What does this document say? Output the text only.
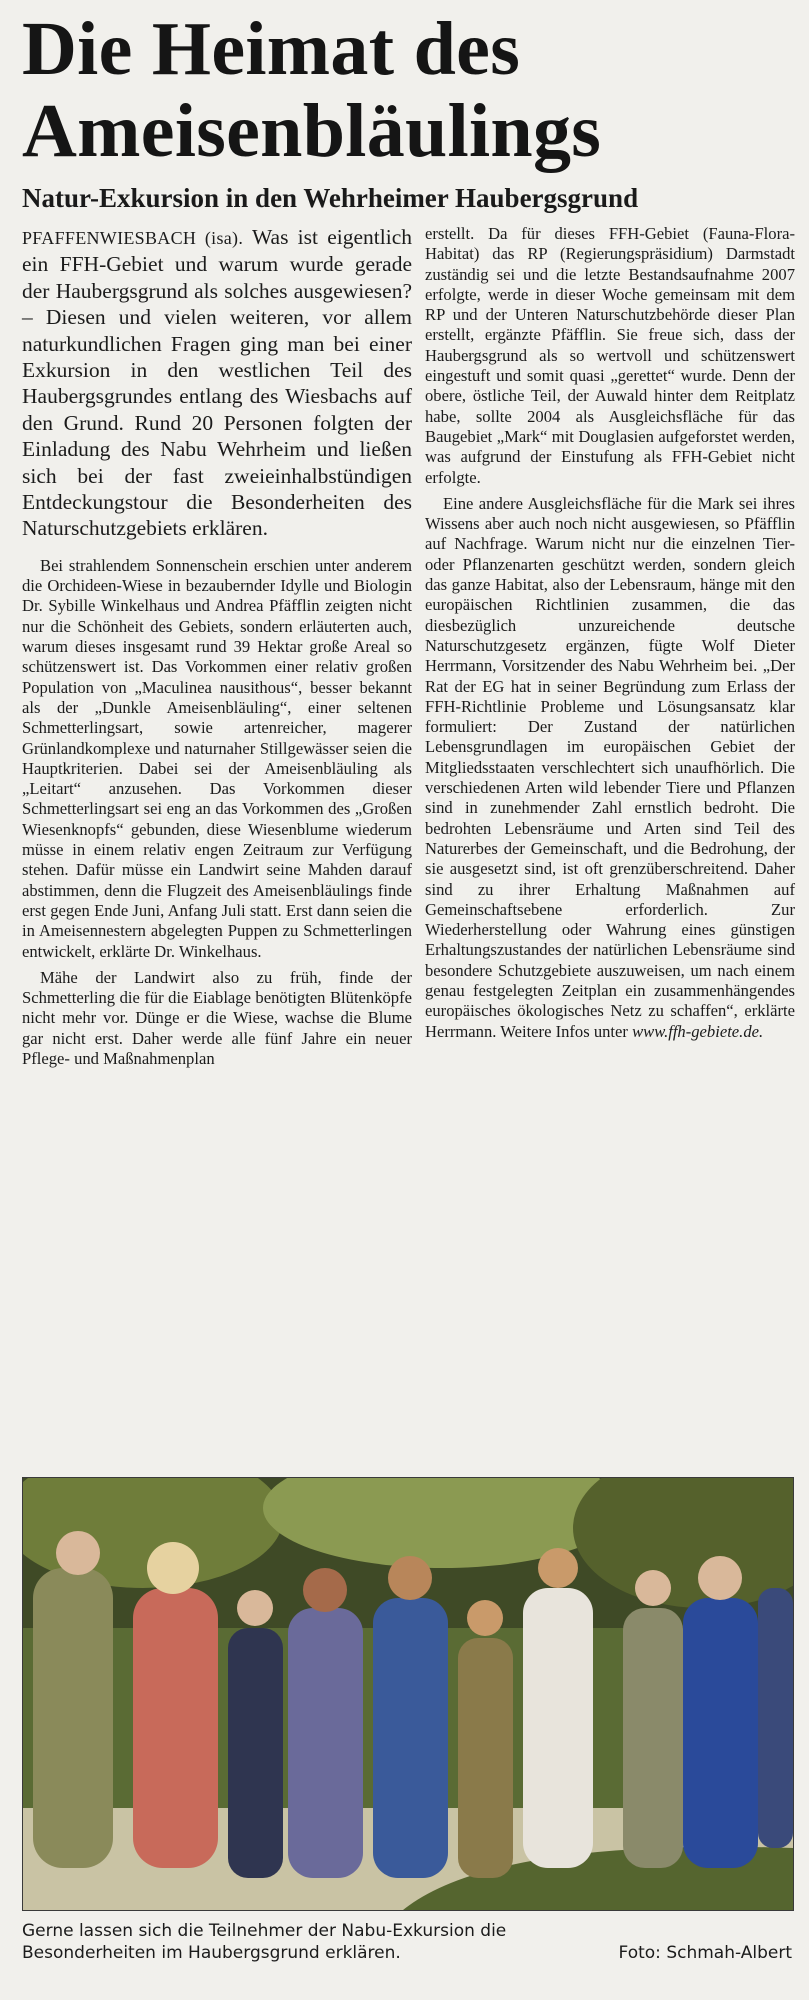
Die Heimat des
Ameisenbläulings
Natur-Exkursion in den Wehrheimer Haubergsgrund

PFAFFENWIESBACH (isa). Was ist eigentlich ein FFH-Gebiet und warum wurde gerade der Haubergsgrund als solches ausgewiesen? – Diesen und vielen weiteren, vor allem naturkundlichen Fragen ging man bei einer Exkursion in den westlichen Teil des Haubergsgrundes entlang des Wiesbachs auf den Grund. Rund 20 Personen folgten der Einladung des Nabu Wehrheim und ließen sich bei der fast zweieinhalbstündigen Entdeckungstour die Besonderheiten des Naturschutzgebiets erklären.

Bei strahlendem Sonnenschein erschien unter anderem die Orchideen-Wiese in bezaubernder Idylle und Biologin Dr. Sybille Winkelhaus und Andrea Pfäfflin zeigten nicht nur die Schönheit des Gebiets, sondern erläuterten auch, warum dieses insgesamt rund 39 Hektar große Areal so schützenswert ist. Das Vorkommen einer relativ großen Population von „Maculinea nausithous“, besser bekannt als der „Dunkle Ameisenbläuling“, einer seltenen Schmetterlingsart, sowie artenreicher, magerer Grünlandkomplexe und naturnaher Stillgewässer seien die Hauptkriterien. Dabei sei der Ameisenbläuling als „Leitart“ anzusehen. Das Vorkommen dieser Schmetterlingsart sei eng an das Vorkommen des „Großen Wiesenknopfs“ gebunden, diese Wiesenblume wiederum müsse in einem relativ engen Zeitraum zur Verfügung stehen. Dafür müsse ein Landwirt seine Mahden darauf abstimmen, denn die Flugzeit des Ameisenbläulings finde erst gegen Ende Juni, Anfang Juli statt. Erst dann seien die in Ameisennestern abgelegten Puppen zu Schmetterlingen entwickelt, erklärte Dr. Winkelhaus.

Mähe der Landwirt also zu früh, finde der Schmetterling die für die Eiablage benötigten Blütenköpfe nicht mehr vor. Dünge er die Wiese, wachse die Blume gar nicht erst. Daher werde alle fünf Jahre ein neuer Pflege- und Maßnahmenplan

erstellt. Da für dieses FFH-Gebiet (Fauna-Flora-Habitat) das RP (Regierungspräsidium) Darmstadt zuständig sei und die letzte Bestandsaufnahme 2007 erfolgte, werde in dieser Woche gemeinsam mit dem RP und der Unteren Naturschutzbehörde dieser Plan erstellt, ergänzte Pfäfflin. Sie freue sich, dass der Haubergsgrund als so wertvoll und schützenswert eingestuft und somit quasi „gerettet“ wurde. Denn der obere, östliche Teil, der Auwald hinter dem Reitplatz habe, sollte 2004 als Ausgleichsfläche für das Baugebiet „Mark“ mit Douglasien aufgeforstet werden, was aufgrund der Einstufung als FFH-Gebiet nicht erfolgte.

Eine andere Ausgleichsfläche für die Mark sei ihres Wissens aber auch noch nicht ausgewiesen, so Pfäfflin auf Nachfrage. Warum nicht nur die einzelnen Tier- oder Pflanzenarten geschützt werden, sondern gleich das ganze Habitat, also der Lebensraum, hänge mit den europäischen Richtlinien zusammen, die das diesbezüglich unzureichende deutsche Naturschutzgesetz ergänzen, fügte Wolf Dieter Herrmann, Vorsitzender des Nabu Wehrheim bei. „Der Rat der EG hat in seiner Begründung zum Erlass der FFH-Richtlinie Probleme und Lösungsansatz klar formuliert: Der Zustand der natürlichen Lebensgrundlagen im europäischen Gebiet der Mitgliedsstaaten verschlechtert sich unaufhörlich. Die verschiedenen Arten wild lebender Tiere und Pflanzen sind in zunehmender Zahl ernstlich bedroht. Die bedrohten Lebensräume und Arten sind Teil des Naturerbes der Gemeinschaft, und die Bedrohung, der sie ausgesetzt sind, ist oft grenzüberschreitend. Daher sind zu ihrer Erhaltung Maßnahmen auf Gemeinschaftsebene erforderlich. Zur Wiederherstellung oder Wahrung eines günstigen Erhaltungszustandes der natürlichen Lebensräume sind besondere Schutzgebiete auszuweisen, um nach einem genau festgelegten Zeitplan ein zusammenhängendes europäisches ökologisches Netz zu schaffen“, erklärte Herrmann. Weitere Infos unter www.ffh-gebiete.de.

Gerne lassen sich die Teilnehmer der Nabu-Exkursion die Besonderheiten im Haubergsgrund erklären.	Foto: Schmah-Albert
